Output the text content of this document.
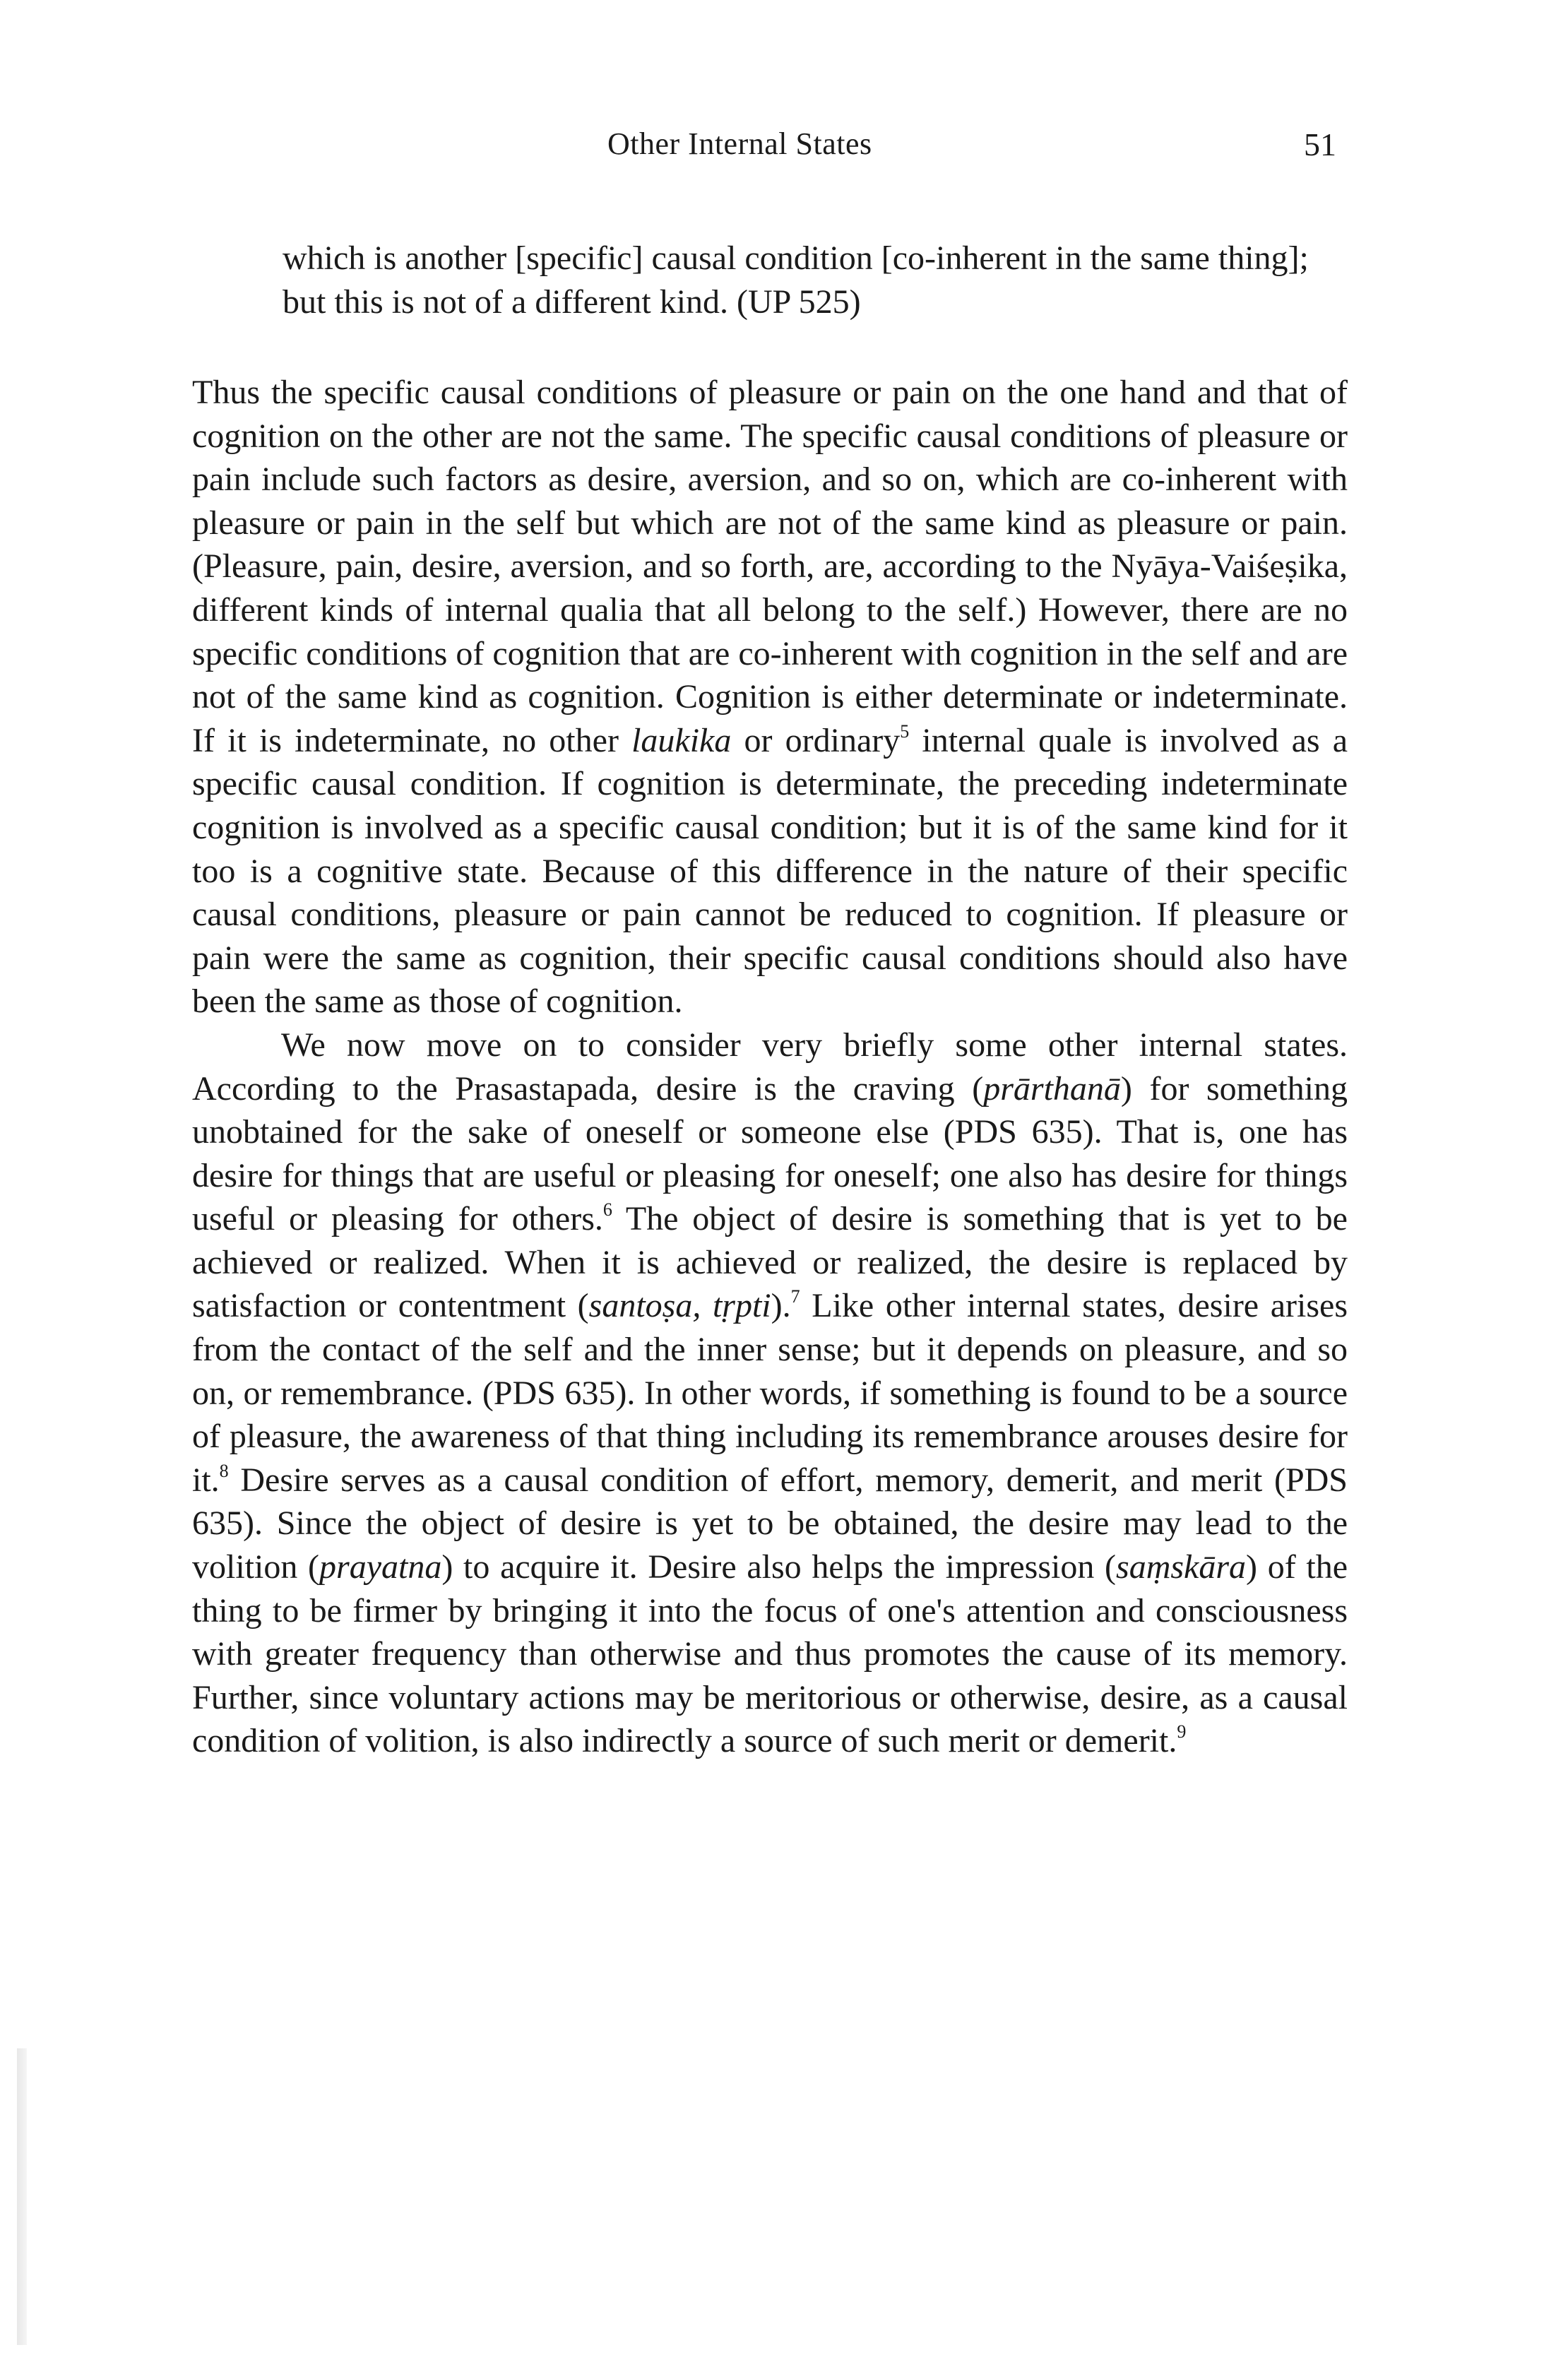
Other Internal States	51
which is another [specific] causal condition [co-inherent in the same thing]; but this is not of a different kind. (UP 525)

Thus the specific causal conditions of pleasure or pain on the one hand and that of cognition on the other are not the same. The specific causal conditions of pleasure or pain include such factors as desire, aversion, and so on, which are co-inherent with pleasure or pain in the self but which are not of the same kind as pleasure or pain. (Pleasure, pain, desire, aversion, and so forth, are, according to the Nyāya-Vaiśeṣika, different kinds of internal qualia that all belong to the self.) However, there are no specific conditions of cognition that are co-inherent with cognition in the self and are not of the same kind as cognition. Cognition is either determinate or indeterminate. If it is indeterminate, no other laukika or ordinary$^5$ internal quale is involved as a specific causal condition. If cognition is determinate, the preceding indeterminate cognition is involved as a specific causal condition; but it is of the same kind for it too is a cognitive state. Because of this difference in the nature of their specific causal conditions, pleasure or pain cannot be reduced to cognition. If pleasure or pain were the same as cognition, their specific causal conditions should also have been the same as those of cognition.

We now move on to consider very briefly some other internal states. According to the Prasastapada, desire is the craving (prārthanā) for something unobtained for the sake of oneself or someone else (PDS 635). That is, one has desire for things that are useful or pleasing for oneself; one also has desire for things useful or pleasing for others.$^6$ The object of desire is something that is yet to be achieved or realized. When it is achieved or realized, the desire is replaced by satisfaction or contentment (santoṣa, tṛpti).$^7$ Like other internal states, desire arises from the contact of the self and the inner sense; but it depends on pleasure, and so on, or remembrance. (PDS 635). In other words, if something is found to be a source of pleasure, the awareness of that thing including its remembrance arouses desire for it.$^8$ Desire serves as a causal condition of effort, memory, demerit, and merit (PDS 635). Since the object of desire is yet to be obtained, the desire may lead to the volition (prayatna) to acquire it. Desire also helps the impression (saṃskāra) of the thing to be firmer by bringing it into the focus of one's attention and consciousness with greater frequency than otherwise and thus promotes the cause of its memory. Further, since voluntary actions may be meritorious or otherwise, desire, as a causal condition of volition, is also indirectly a source of such merit or demerit.$^9$
